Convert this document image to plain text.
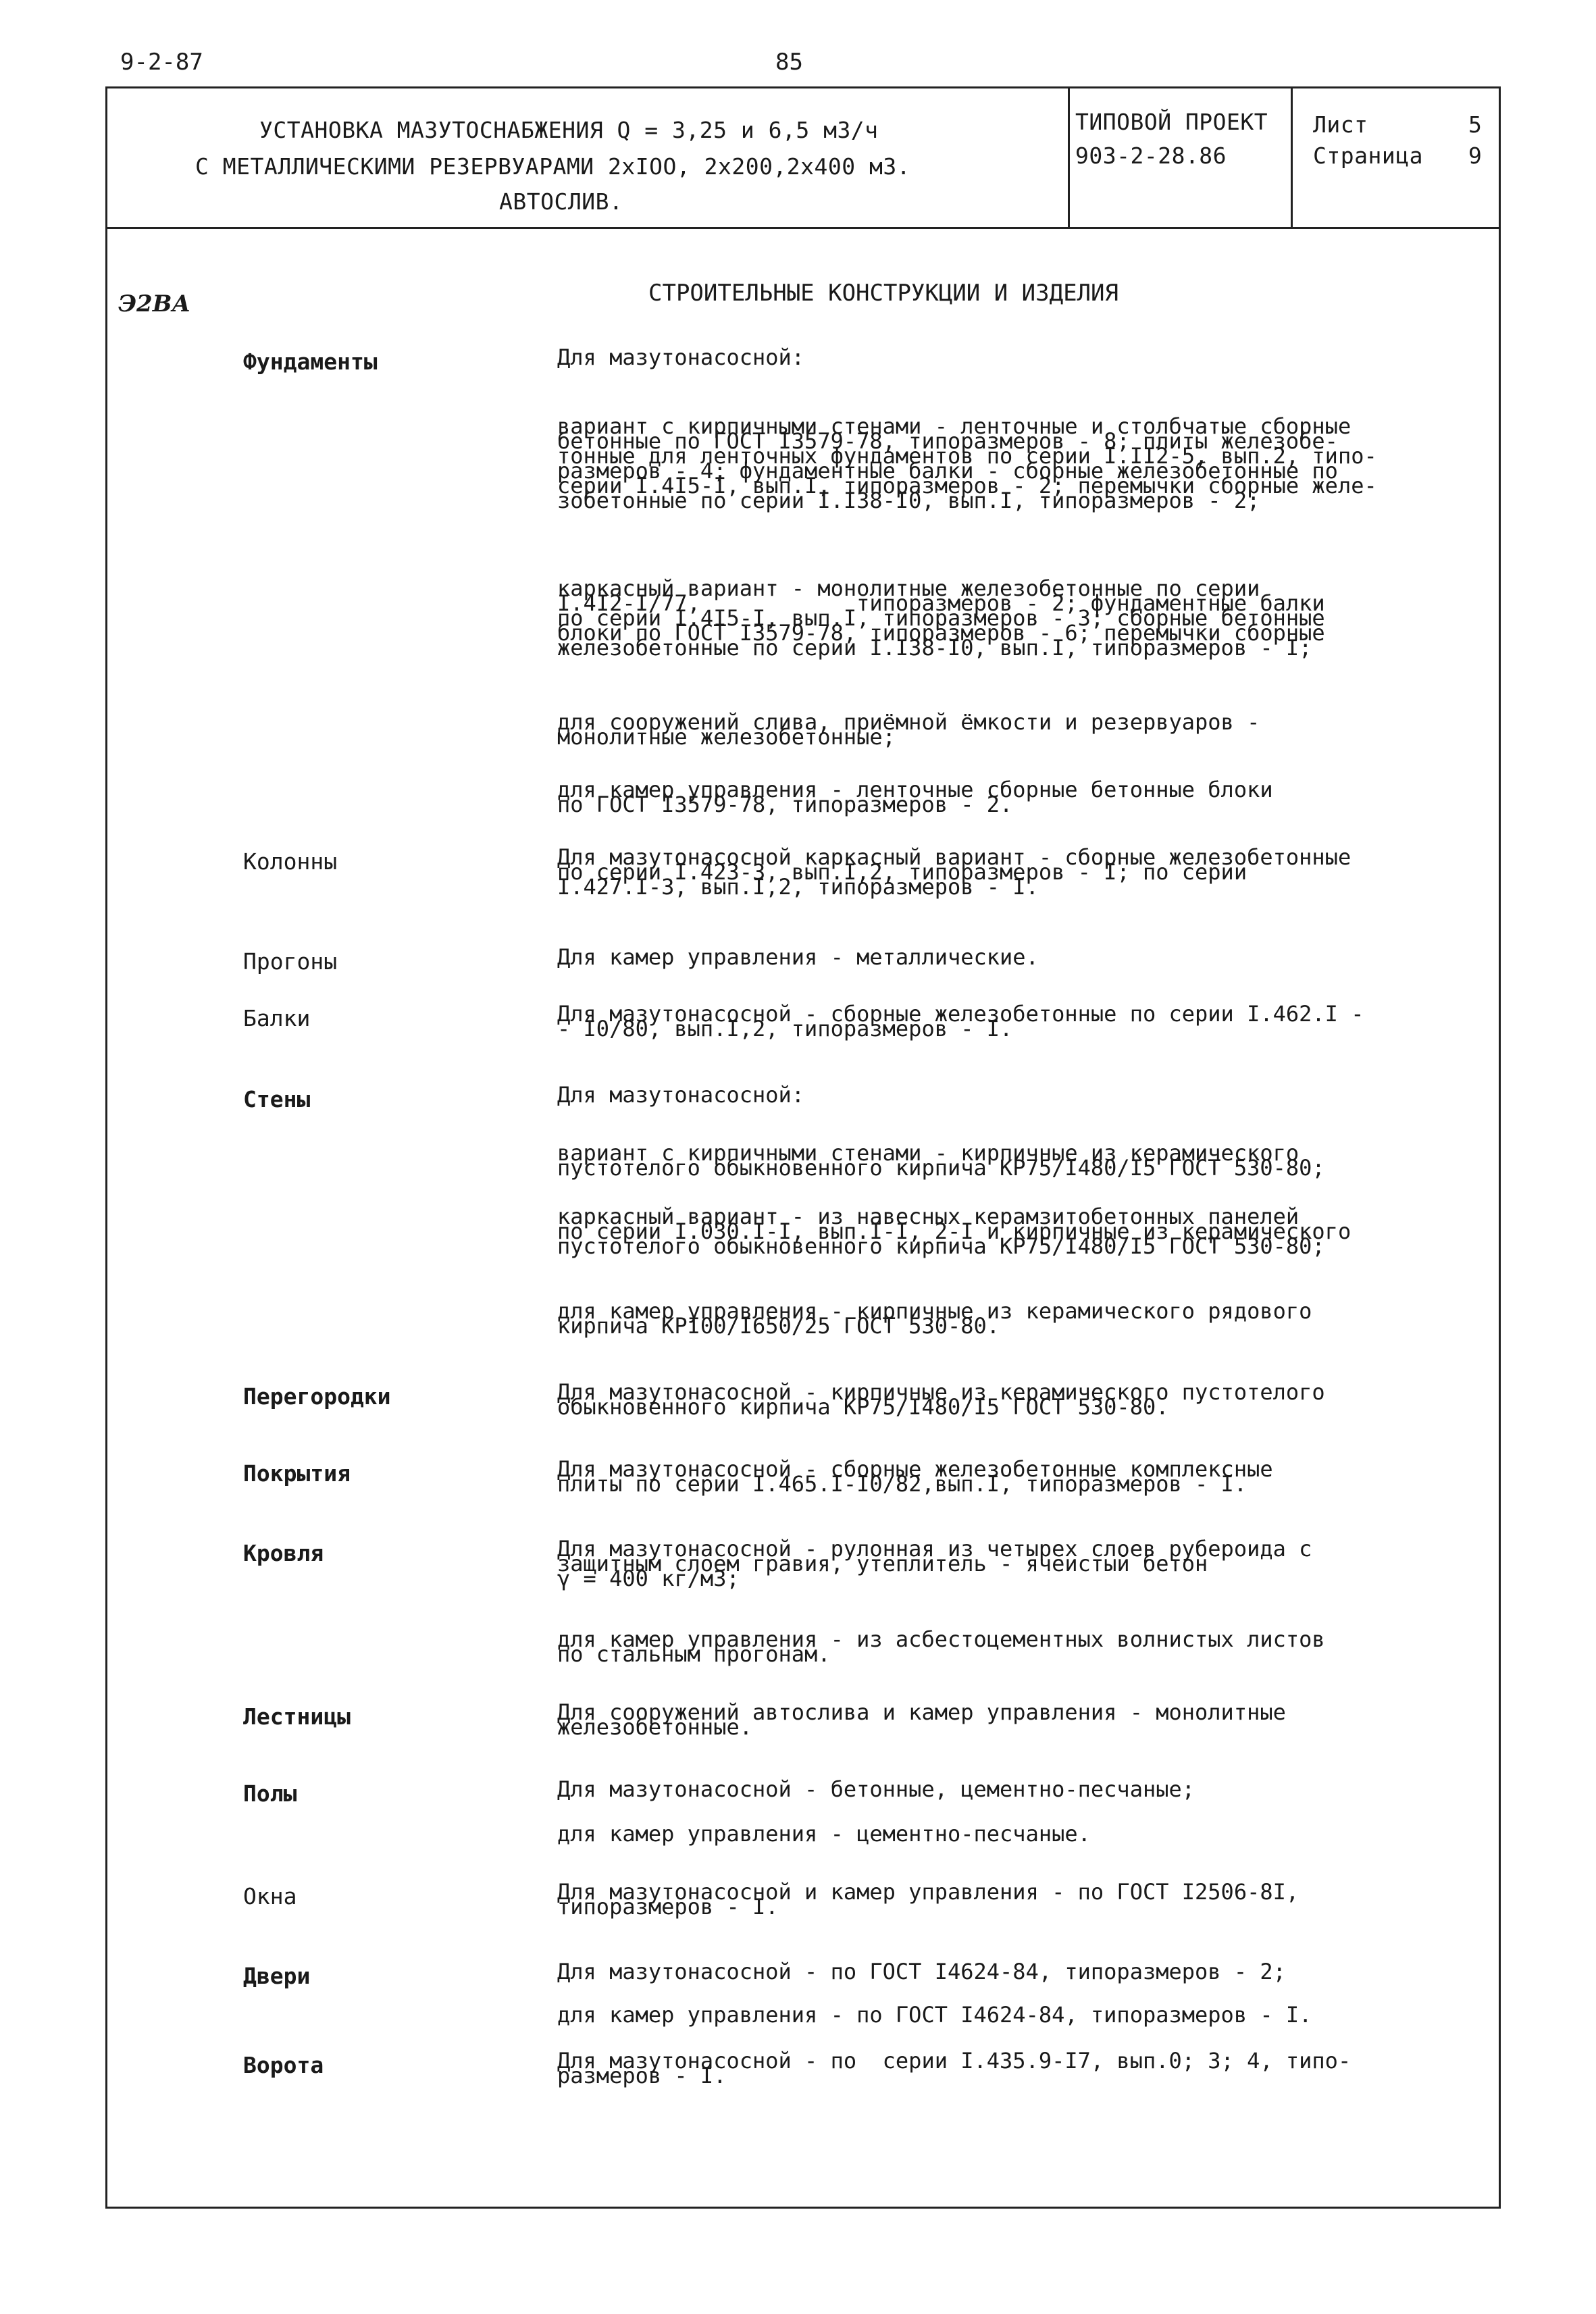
9-2-87	85
УСТАНОВКА МАЗУТОСНАБЖЕНИЯ Q = 3,25 и 6,5 м3/ч
С МЕТАЛЛИЧЕСКИМИ РЕЗЕРВУАРАМИ 2хIОО, 2х200,2х400 м3.
АВТОСЛИВ.
ТИПОВОЙ ПРОЕКТ
903-2-28.86
Лист	5
Страница 9
Э2ВА	СТРОИТЕЛЬНЫЕ КОНСТРУКЦИИ И ИЗДЕЛИЯ
Фундаменты	Для мазутонасосной:
вариант с кирпичными стенами - ленточные и столбчатые сборные
бетонные по ГОСТ I3579-78, типоразмеров - 8; плиты железобе-
тонные для ленточных фундаментов по серии I.II2-5, вып.2, типо-
размеров - 4; фундаментные балки - сборные железобетонные по
серии I.4I5-I, вып.I, типоразмеров - 2; перемычки сборные желе-
зобетонные по серии I.I38-I0, вып.I, типоразмеров - 2;
каркасный вариант - монолитные железобетонные по серии
I.4I2-I/77,            типоразмеров - 2; фундаментные балки
по серии I.4I5-I, вып.I, типоразмеров - 3; сборные бетонные
блоки по ГОСТ I3579-78, типоразмеров - 6; перемычки сборные
железобетонные по серии I.I38-I0, вып.I, типоразмеров - I;
для сооружений слива, приёмной ёмкости и резервуаров -
монолитные железобетонные;
для камер управления - ленточные сборные бетонные блоки
по ГОСТ I3579-78, типоразмеров - 2.
Колонны	Для мазутонасосной каркасный вариант - сборные железобетонные
по серии I.423-3, вып.I,2, типоразмеров - I; по серии
I.427.I-3, вып.I,2, типоразмеров - I.
Прогоны	Для камер управления - металлические.
Балки	Для мазутонасосной - сборные железобетонные по серии I.462.I -
- I0/80, вып.I,2, типоразмеров - I.
Стены	Для мазутонасосной:
вариант с кирпичными стенами - кирпичные из керамического
пустотелого обыкновенного кирпича КР75/I480/I5 ГОСТ 530-80;
каркасный вариант - из навесных керамзитобетонных панелей
по серии I.030.I-I, вып.I-I, 2-I и кирпичные из керамического
пустотелого обыкновенного кирпича КР75/I480/I5 ГОСТ 530-80;
для камер управления - кирпичные из керамического рядового
кирпича КРI00/I650/25 ГОСТ 530-80.
Перегородки	Для мазутонасосной - кирпичные из керамического пустотелого
обыкновенного кирпича КР75/I480/I5 ГОСТ 530-80.
Покрытия	Для мазутонасосной - сборные железобетонные комплексные
плиты по серии I.465.I-I0/82,вып.I, типоразмеров - I.
Кровля	Для мазутонасосной - рулонная из четырех слоев рубероида с
защитным слоем гравия, утеплитель - ячеистый бетон
γ = 400 кг/м3;
для камер управления - из асбестоцементных волнистых листов
по стальным прогонам.
Лестницы	Для сооружений автослива и камер управления - монолитные
железобетонные.
Полы	Для мазутонасосной - бетонные, цементно-песчаные;
для камер управления - цементно-песчаные.
Окна	Для мазутонасосной и камер управления - по ГОСТ I2506-8I,
типоразмеров - I.
Двери	Для мазутонасосной - по ГОСТ I4624-84, типоразмеров - 2;
для камер управления - по ГОСТ I4624-84, типоразмеров - I.
Ворота	Для мазутонасосной - по  серии I.435.9-I7, вып.0; 3; 4, типо-
размеров - I.
